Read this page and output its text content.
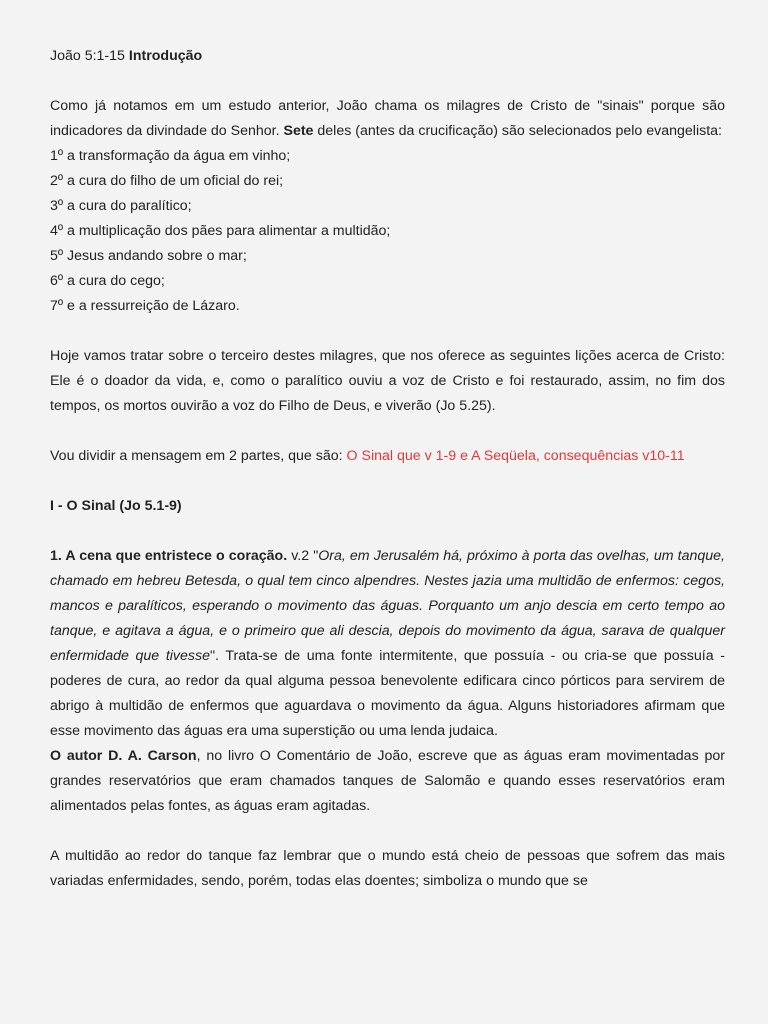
João 5:1-15 Introdução

Como já notamos em um estudo anterior, João chama os milagres de Cristo de "sinais" porque são indicadores da divindade do Senhor. Sete deles (antes da crucificação) são selecionados pelo evangelista:

1º a transformação da água em vinho;

2º a cura do filho de um oficial do rei;

3º a cura do paralítico;

4º a multiplicação dos pães para alimentar a multidão;

5º Jesus andando sobre o mar;

6º a cura do cego;

7º e a ressurreição de Lázaro.

Hoje vamos tratar sobre o terceiro destes milagres, que nos oferece as seguintes lições acerca de Cristo: Ele é o doador da vida, e, como o paralítico ouviu a voz de Cristo e foi restaurado, assim, no fim dos tempos, os mortos ouvirão a voz do Filho de Deus, e viverão (Jo 5.25).

Vou dividir a mensagem em 2 partes, que são: O Sinal que v 1-9 e A Seqüela, consequências v10-11

I - O Sinal (Jo 5.1-9)

1. A cena que entristece o coração. v.2 "Ora, em Jerusalém há, próximo à porta das ovelhas, um tanque, chamado em hebreu Betesda, o qual tem cinco alpendres. Nestes jazia uma multidão de enfermos: cegos, mancos e paralíticos, esperando o movimento das águas. Porquanto um anjo descia em certo tempo ao tanque, e agitava a água, e o primeiro que ali descia, depois do movimento da água, sarava de qualquer enfermidade que tivesse". Trata-se de uma fonte intermitente, que possuía - ou cria-se que possuía - poderes de cura, ao redor da qual alguma pessoa benevolente edificara cinco pórticos para servirem de abrigo à multidão de enfermos que aguardava o movimento da água. Alguns historiadores afirmam que esse movimento das águas era uma superstição ou uma lenda judaica.

O autor D. A. Carson, no livro O Comentário de João, escreve que as águas eram movimentadas por grandes reservatórios que eram chamados tanques de Salomão e quando esses reservatórios eram alimentados pelas fontes, as águas eram agitadas.

A multidão ao redor do tanque faz lembrar que o mundo está cheio de pessoas que sofrem das mais variadas enfermidades, sendo, porém, todas elas doentes; simboliza o mundo que se
